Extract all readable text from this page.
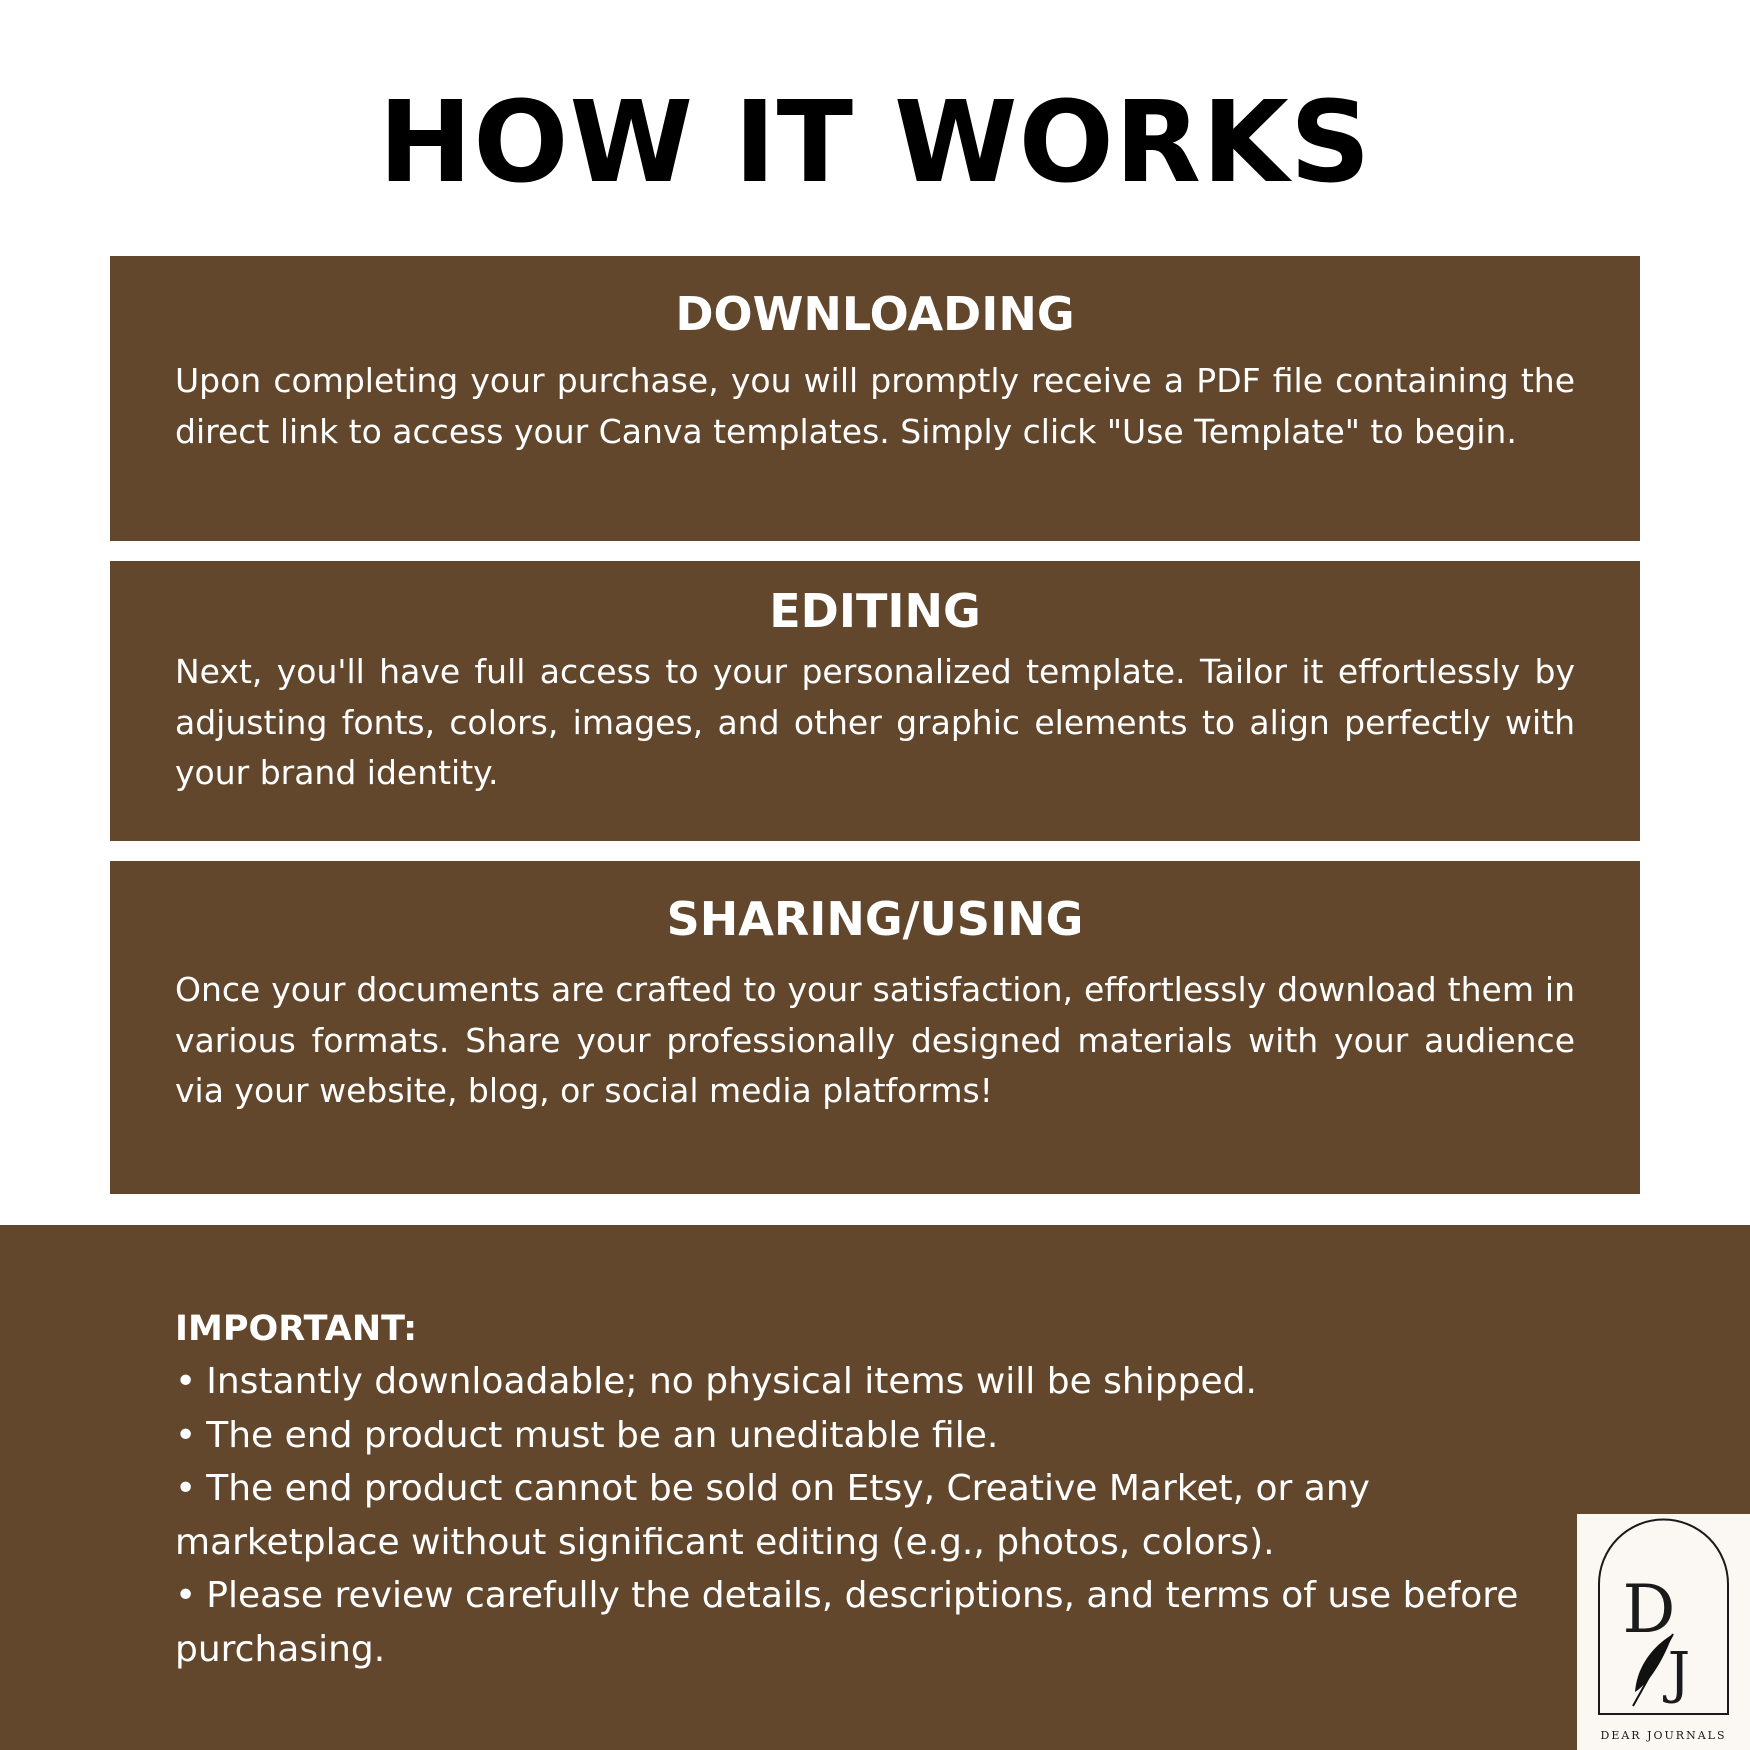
HOW IT WORKS
DOWNLOADING

Upon completing your purchase, you will promptly receive a PDF file containing the direct link to access your Canva templates. Simply click "Use Template" to begin.

EDITING

Next, you'll have full access to your personalized template. Tailor it effortlessly by adjusting fonts, colors, images, and other graphic elements to align perfectly with your brand identity.

SHARING/USING

Once your documents are crafted to your satisfaction, effortlessly download them in various formats. Share your professionally designed materials with your audience via your website, blog, or social media platforms!

IMPORTANT:
• Instantly downloadable; no physical items will be shipped.
• The end product must be an uneditable file.
• The end product cannot be sold on Etsy, Creative Market, or any marketplace without significant editing (e.g., photos, colors).
• Please review carefully the details, descriptions, and terms of use before purchasing.
D
J
DEAR JOURNALS
